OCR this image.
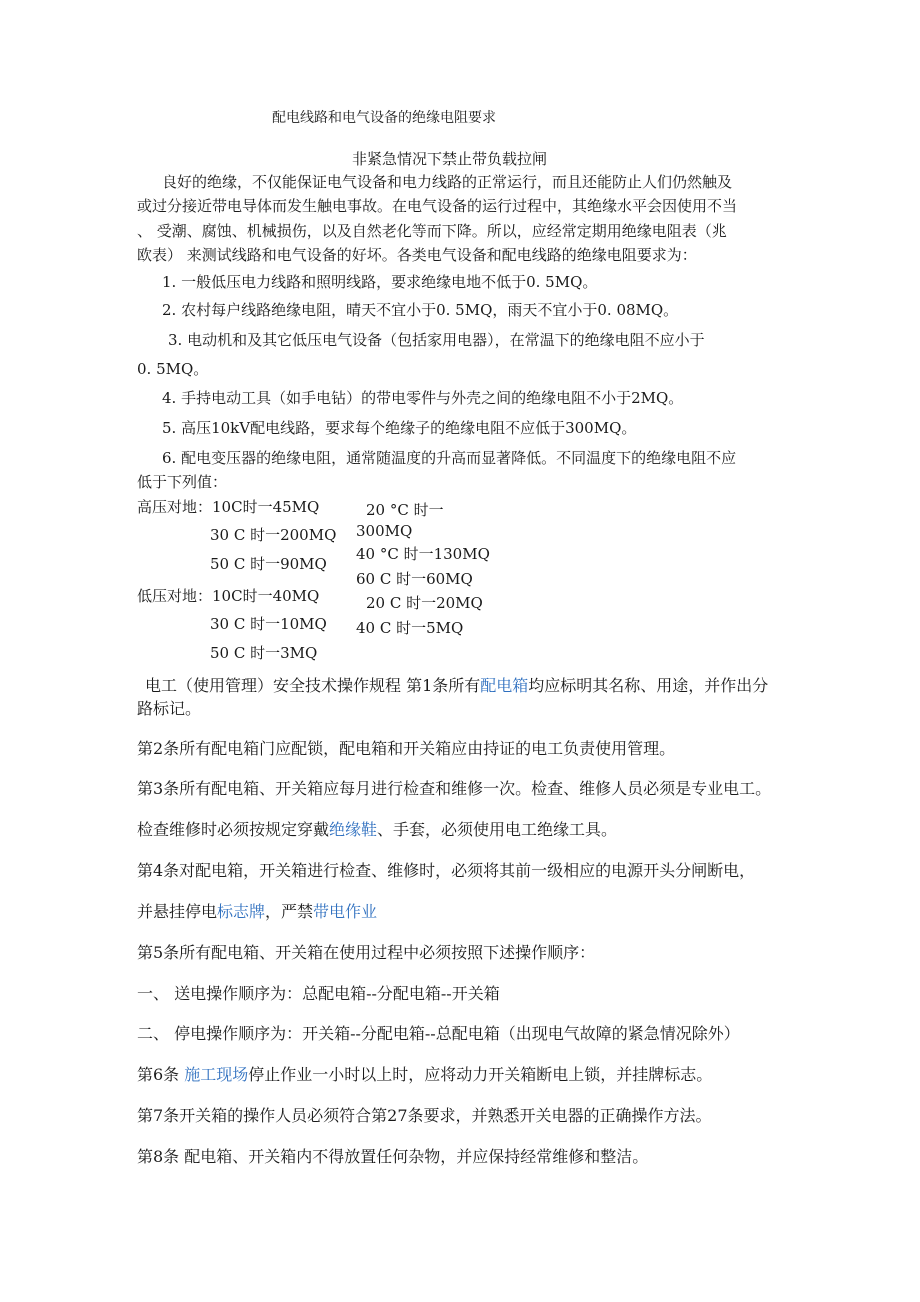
配电线路和电气设备的绝缘电阻要求
非紧急情况下禁止带负载拉闸
良好的绝缘，不仅能保证电气设备和电力线路的正常运行，而且还能防止人们仍然触及
或过分接近带电导体而发生触电事故。在电气设备的运行过程中，其绝缘水平会因使用不当
、 受潮、腐蚀、机械损伤，以及自然老化等而下降。所以，应经常定期用绝缘电阻表（兆
欧表） 来测试线路和电气设备的好坏。各类电气设备和配电线路的绝缘电阻要求为：
1. 一般低压电力线路和照明线路，要求绝缘电地不低于0. 5MQ。
2. 农村每户线路绝缘电阻，晴天不宜小于0. 5MQ，雨天不宜小于0. 08MQ。
3. 电动机和及其它低压电气设备（包括家用电器），在常温下的绝缘电阻不应小于
0. 5MQ。
4. 手持电动工具（如手电钻）的带电零件与外壳之间的绝缘电阻不小于2MQ。
5. 高压10kV配电线路，要求每个绝缘子的绝缘电阻不应低于300MQ。
6. 配电变压器的绝缘电阻，通常随温度的升高而显著降低。不同温度下的绝缘电阻不应
低于下列值：
高压对地：10C时一45MQ
30 C 时一200MQ
50 C 时一90MQ
低压对地：10C时一40MQ
30 C 时一10MQ
50 C 时一3MQ
20 °C 时一
300MQ
40 °C 时一130MQ
60 C 时一60MQ
20 C 时一20MQ
40 C 时一5MQ
电工（使用管理）安全技术操作规程 第1条所有配电箱均应标明其名称、用途，并作出分
路标记。
第2条所有配电箱门应配锁，配电箱和开关箱应由持证的电工负责使用管理。
第3条所有配电箱、开关箱应每月进行检查和维修一次。检查、维修人员必须是专业电工。
检查维修时必须按规定穿戴绝缘鞋、手套，必须使用电工绝缘工具。
第4条对配电箱，开关箱进行检查、维修时，必须将其前一级相应的电源开头分闸断电，
并悬挂停电标志牌，严禁带电作业
第5条所有配电箱、开关箱在使用过程中必须按照下述操作顺序：
一、 送电操作顺序为：总配电箱--分配电箱--开关箱
二、 停电操作顺序为：开关箱--分配电箱--总配电箱（出现电气故障的紧急情况除外）
第6条 施工现场停止作业一小时以上时，应将动力开关箱断电上锁，并挂牌标志。
第7条开关箱的操作人员必须符合第27条要求，并熟悉开关电器的正确操作方法。
第8条 配电箱、开关箱内不得放置任何杂物，并应保持经常维修和整洁。
